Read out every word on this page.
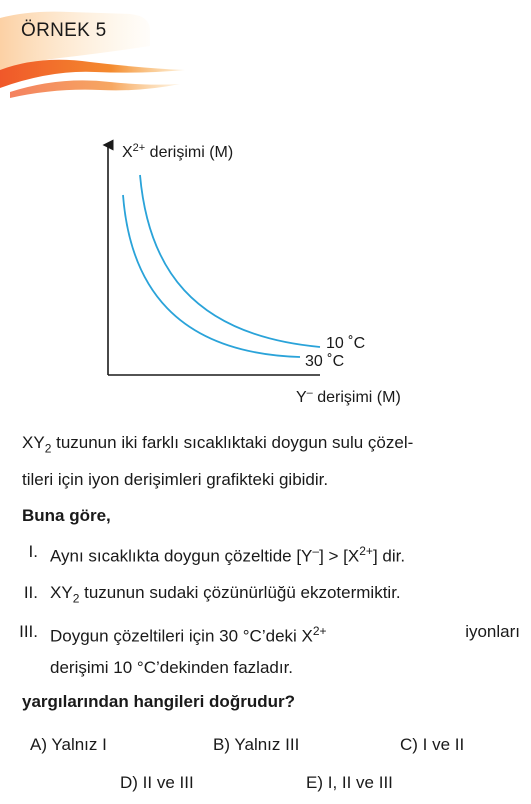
ÖRNEK 5
$X^{2+}$ derişimi (M)
10 ˚C
30 ˚C
Y– derişimi (M)
$XY_2$ tuzunun iki farklı sıcaklıktaki doygun sulu çözel-
tileri için iyon derişimleri grafikteki gibidir.
Buna göre,
I. Aynı sıcaklıkta doygun çözeltide $[Y^-] > [X^{2+}]$ dir.
II. $XY_2$ tuzunun sudaki çözünürlüğü ekzotermiktir.
III. Doygun çözeltileri için 30 °C’deki $X^{2+}$	iyonları
derişimi 10 °C’dekinden fazladır.
yargılarından hangileri doğrudur?
A) Yalnız I	B) Yalnız III	C) I ve II
D) II ve III	E) I, II ve III
